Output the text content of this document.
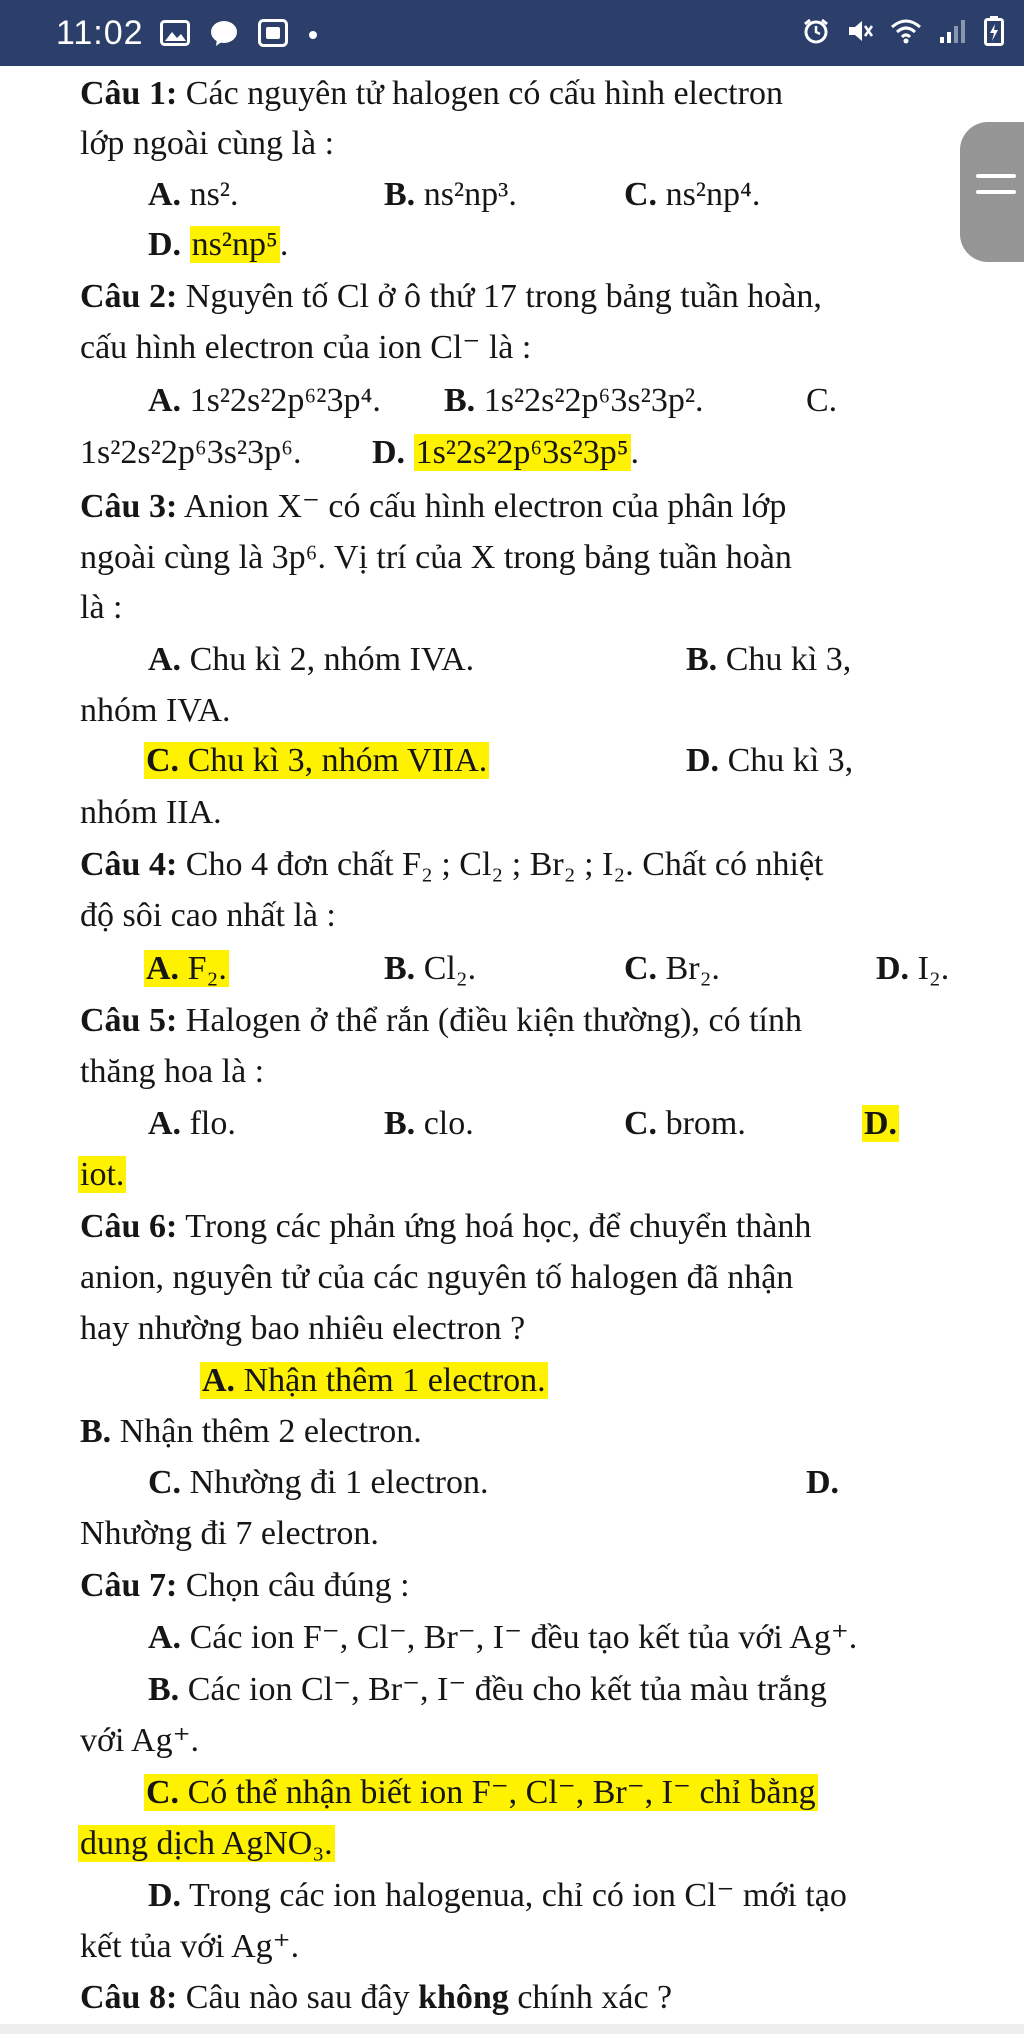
11:02
Câu 1: Các nguyên tử halogen có cấu hình electron
lớp ngoài cùng là :
A. ns².	B. ns²np³.	C. ns²np⁴.
D. ns²np⁵.
Câu 2: Nguyên tố Cl ở ô thứ 17 trong bảng tuần hoàn,
cấu hình electron của ion Cl⁻ là :
A. 1s²2s²2p⁶²3p⁴. B. 1s²2s²2p⁶3s²3p².	C.
1s²2s²2p⁶3s²3p⁶. D. 1s²2s²2p⁶3s²3p⁵.
Câu 3: Anion X⁻ có cấu hình electron của phân lớp
ngoài cùng là 3p⁶. Vị trí của X trong bảng tuần hoàn
là :
A. Chu kì 2, nhóm IVA.	B. Chu kì 3,
nhóm IVA.
C. Chu kì 3, nhóm VIIA.	D. Chu kì 3,
nhóm IIA.
Câu 4: Cho 4 đơn chất F₂ ; Cl₂ ; Br₂ ; I₂. Chất có nhiệt
độ sôi cao nhất là :
A. F₂.	B. Cl₂.	C. Br₂.	D. I₂.
Câu 5: Halogen ở thể rắn (điều kiện thường), có tính
thăng hoa là :
A. flo.	B. clo.	C. brom.	D.
iot.
Câu 6: Trong các phản ứng hoá học, để chuyển thành
anion, nguyên tử của các nguyên tố halogen đã nhận
hay nhường bao nhiêu electron ?
A. Nhận thêm 1 electron.
B. Nhận thêm 2 electron.
C. Nhường đi 1 electron.	D.
Nhường đi 7 electron.
Câu 7: Chọn câu đúng :
A. Các ion F⁻, Cl⁻, Br⁻, I⁻ đều tạo kết tủa với Ag⁺.
B. Các ion Cl⁻, Br⁻, I⁻ đều cho kết tủa màu trắng
với Ag⁺.
C. Có thể nhận biết ion F⁻, Cl⁻, Br⁻, I⁻ chỉ bằng
dung dịch AgNO₃.
D. Trong các ion halogenua, chỉ có ion Cl⁻ mới tạo
kết tủa với Ag⁺.
Câu 8: Câu nào sau đây không chính xác ?
